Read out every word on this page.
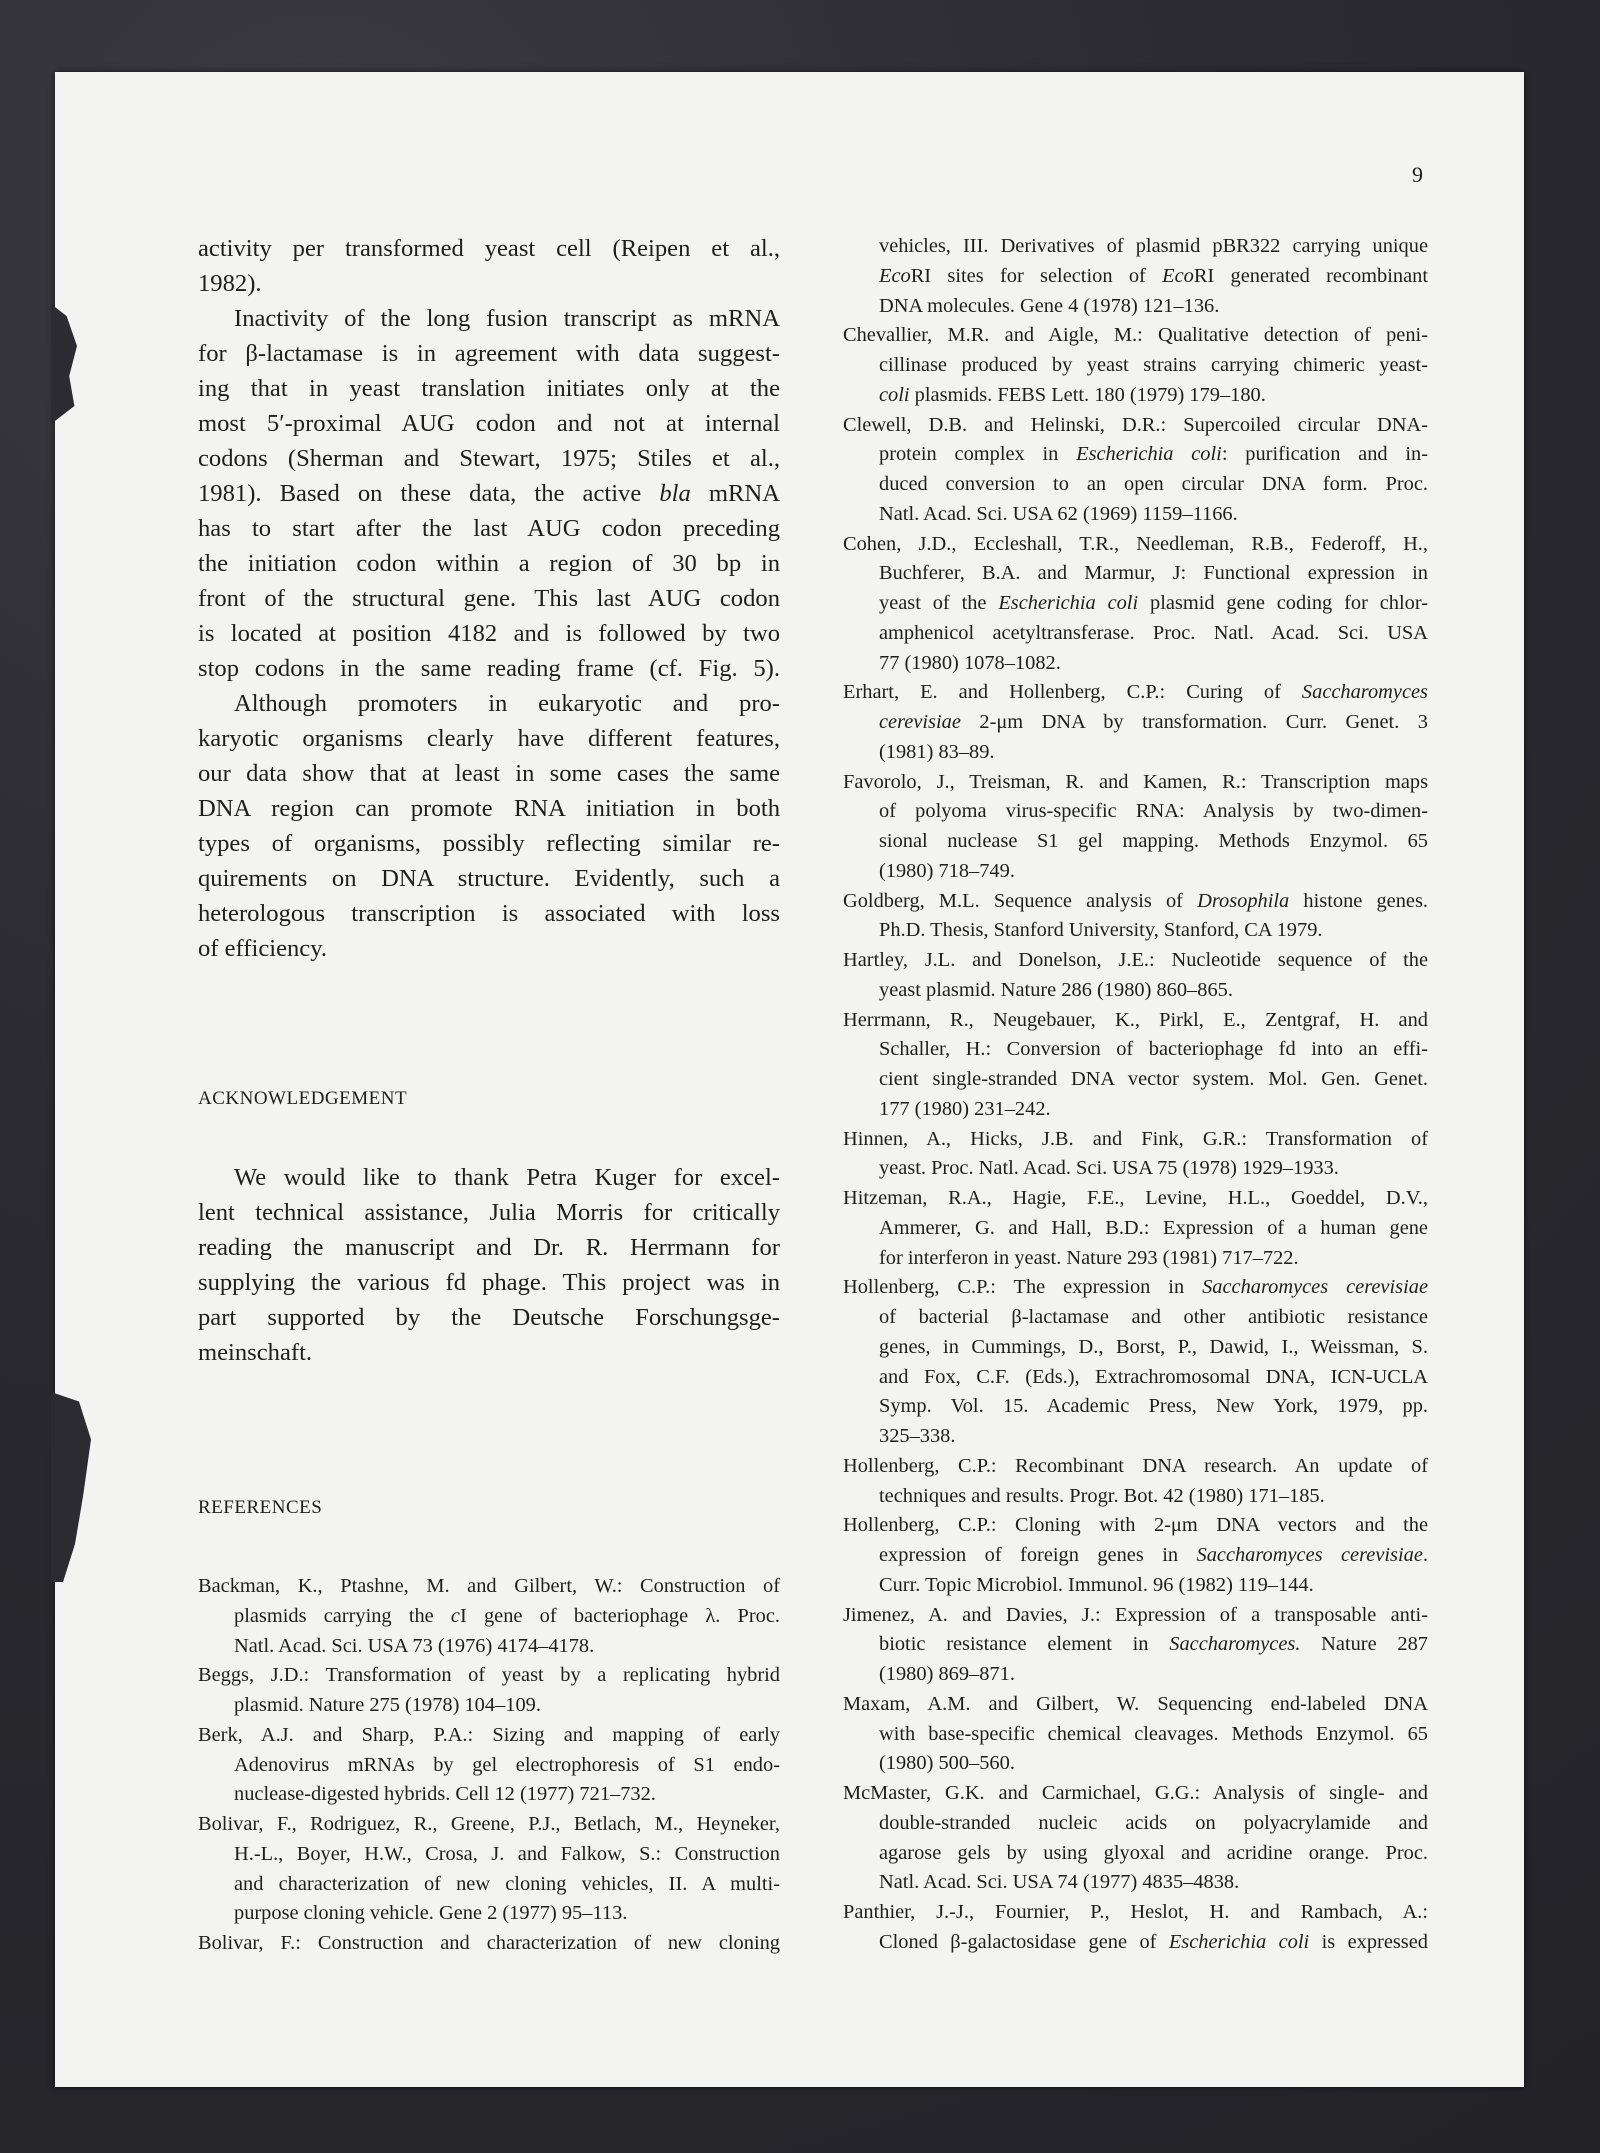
9
activity per transformed yeast cell (Reipen et al.,
1982).
Inactivity of the long fusion transcript as mRNA
for β-lactamase is in agreement with data suggest-
ing that in yeast translation initiates only at the
most 5′-proximal AUG codon and not at internal
codons (Sherman and Stewart, 1975; Stiles et al.,
1981). Based on these data, the active bla mRNA
has to start after the last AUG codon preceding
the initiation codon within a region of 30 bp in
front of the structural gene. This last AUG codon
is located at position 4182 and is followed by two
stop codons in the same reading frame (cf. Fig. 5).
Although promoters in eukaryotic and pro-
karyotic organisms clearly have different features,
our data show that at least in some cases the same
DNA region can promote RNA initiation in both
types of organisms, possibly reflecting similar re-
quirements on DNA structure. Evidently, such a
heterologous transcription is associated with loss
of efficiency.
ACKNOWLEDGEMENT
We would like to thank Petra Kuger for excel-
lent technical assistance, Julia Morris for critically
reading the manuscript and Dr. R. Herrmann for
supplying the various fd phage. This project was in
part supported by the Deutsche Forschungsge-
meinschaft.
REFERENCES
Backman, K., Ptashne, M. and Gilbert, W.: Construction of
plasmids carrying the cI gene of bacteriophage λ. Proc.
Natl. Acad. Sci. USA 73 (1976) 4174–4178.
Beggs, J.D.: Transformation of yeast by a replicating hybrid
plasmid. Nature 275 (1978) 104–109.
Berk, A.J. and Sharp, P.A.: Sizing and mapping of early
Adenovirus mRNAs by gel electrophoresis of S1 endo-
nuclease-digested hybrids. Cell 12 (1977) 721–732.
Bolivar, F., Rodriguez, R., Greene, P.J., Betlach, M., Heyneker,
H.-L., Boyer, H.W., Crosa, J. and Falkow, S.: Construction
and characterization of new cloning vehicles, II. A multi-
purpose cloning vehicle. Gene 2 (1977) 95–113.
Bolivar, F.: Construction and characterization of new cloning
vehicles, III. Derivatives of plasmid pBR322 carrying unique
EcoRI sites for selection of EcoRI generated recombinant
DNA molecules. Gene 4 (1978) 121–136.
Chevallier, M.R. and Aigle, M.: Qualitative detection of peni-
cillinase produced by yeast strains carrying chimeric yeast-
coli plasmids. FEBS Lett. 180 (1979) 179–180.
Clewell, D.B. and Helinski, D.R.: Supercoiled circular DNA-
protein complex in Escherichia coli: purification and in-
duced conversion to an open circular DNA form. Proc.
Natl. Acad. Sci. USA 62 (1969) 1159–1166.
Cohen, J.D., Eccleshall, T.R., Needleman, R.B., Federoff, H.,
Buchferer, B.A. and Marmur, J: Functional expression in
yeast of the Escherichia coli plasmid gene coding for chlor-
amphenicol acetyltransferase. Proc. Natl. Acad. Sci. USA
77 (1980) 1078–1082.
Erhart, E. and Hollenberg, C.P.: Curing of Saccharomyces
cerevisiae 2-μm DNA by transformation. Curr. Genet. 3
(1981) 83–89.
Favorolo, J., Treisman, R. and Kamen, R.: Transcription maps
of polyoma virus-specific RNA: Analysis by two-dimen-
sional nuclease S1 gel mapping. Methods Enzymol. 65
(1980) 718–749.
Goldberg, M.L. Sequence analysis of Drosophila histone genes.
Ph.D. Thesis, Stanford University, Stanford, CA 1979.
Hartley, J.L. and Donelson, J.E.: Nucleotide sequence of the
yeast plasmid. Nature 286 (1980) 860–865.
Herrmann, R., Neugebauer, K., Pirkl, E., Zentgraf, H. and
Schaller, H.: Conversion of bacteriophage fd into an effi-
cient single-stranded DNA vector system. Mol. Gen. Genet.
177 (1980) 231–242.
Hinnen, A., Hicks, J.B. and Fink, G.R.: Transformation of
yeast. Proc. Natl. Acad. Sci. USA 75 (1978) 1929–1933.
Hitzeman, R.A., Hagie, F.E., Levine, H.L., Goeddel, D.V.,
Ammerer, G. and Hall, B.D.: Expression of a human gene
for interferon in yeast. Nature 293 (1981) 717–722.
Hollenberg, C.P.: The expression in Saccharomyces cerevisiae
of bacterial β-lactamase and other antibiotic resistance
genes, in Cummings, D., Borst, P., Dawid, I., Weissman, S.
and Fox, C.F. (Eds.), Extrachromosomal DNA, ICN-UCLA
Symp. Vol. 15. Academic Press, New York, 1979, pp.
325–338.
Hollenberg, C.P.: Recombinant DNA research. An update of
techniques and results. Progr. Bot. 42 (1980) 171–185.
Hollenberg, C.P.: Cloning with 2-μm DNA vectors and the
expression of foreign genes in Saccharomyces cerevisiae.
Curr. Topic Microbiol. Immunol. 96 (1982) 119–144.
Jimenez, A. and Davies, J.: Expression of a transposable anti-
biotic resistance element in Saccharomyces. Nature 287
(1980) 869–871.
Maxam, A.M. and Gilbert, W. Sequencing end-labeled DNA
with base-specific chemical cleavages. Methods Enzymol. 65
(1980) 500–560.
McMaster, G.K. and Carmichael, G.G.: Analysis of single- and
double-stranded nucleic acids on polyacrylamide and
agarose gels by using glyoxal and acridine orange. Proc.
Natl. Acad. Sci. USA 74 (1977) 4835–4838.
Panthier, J.-J., Fournier, P., Heslot, H. and Rambach, A.:
Cloned β-galactosidase gene of Escherichia coli is expressed
